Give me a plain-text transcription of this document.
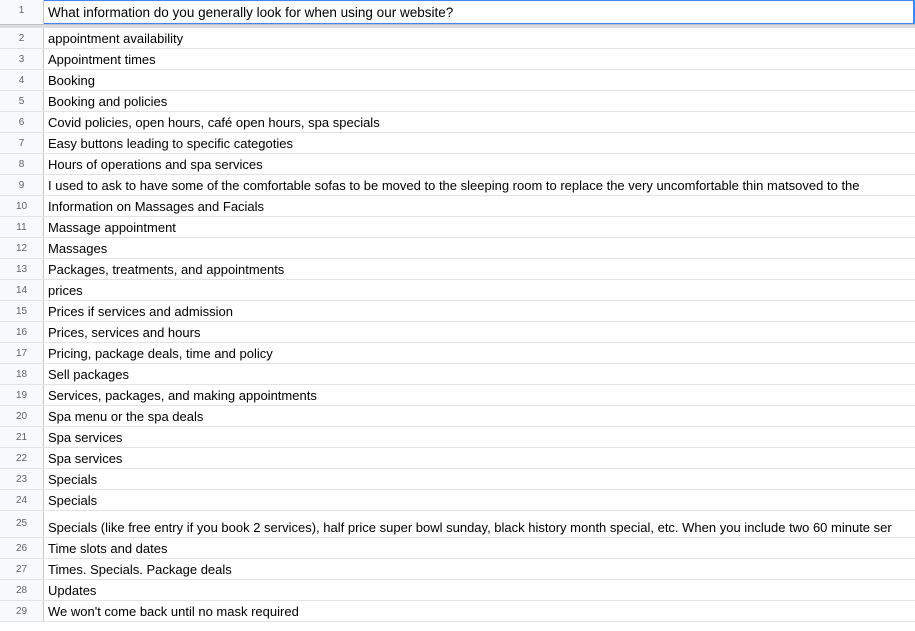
1	What information do you generally look for when using our website?
2	appointment availability
3	Appointment times
4	Booking
5	Booking and policies
6	Covid policies, open hours, café open hours, spa specials
7	Easy buttons leading to specific categoties
8	Hours of operations and spa services
9	I used to ask to have some of the comfortable sofas to be moved to the sleeping room to replace the very uncomfortable thin matsoved to the
10	Information on Massages and Facials
11	Massage appointment
12	Massages
13	Packages, treatments, and appointments
14	prices
15	Prices if services and admission
16	Prices, services and hours
17	Pricing, package deals, time and policy
18	Sell packages
19	Services, packages, and making appointments
20	Spa menu or the spa deals
21	Spa services
22	Spa services
23	Specials
24	Specials
25	Specials (like free entry if you book 2 services), half price super bowl sunday, black history month special, etc. When you include two 60 minute ser
26	Time slots and dates
27	Times. Specials. Package deals
28	Updates
29	We won't come back until no mask required
